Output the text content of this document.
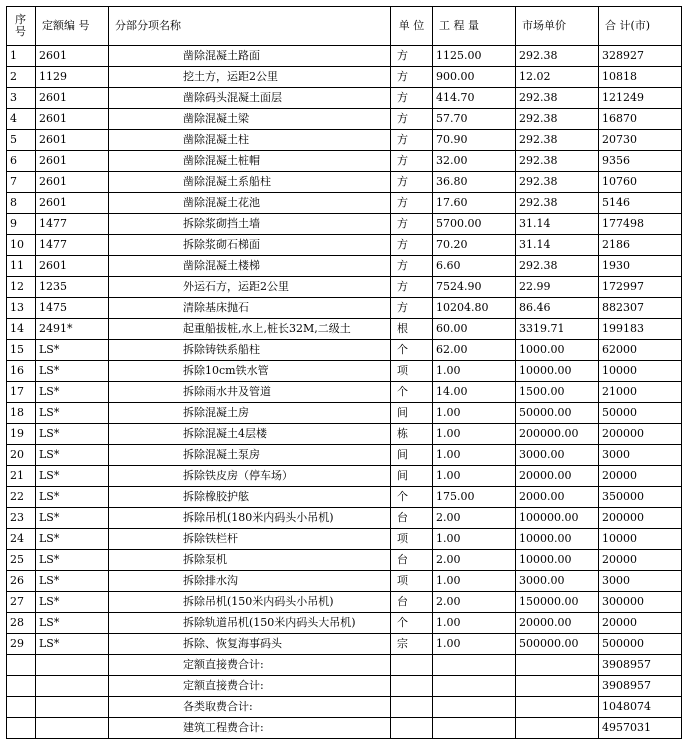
序 号	定额编 号	分部分项名称	单 位	工 程 量	市场单价	合 计(市)
1	2601	凿除混凝土路面	方	1125.00	292.38	328927
2	1129	挖土方，运距2公里	方	900.00	12.02	10818
3	2601	凿除码头混凝土面层	方	414.70	292.38	121249
4	2601	凿除混凝土梁	方	57.70	292.38	16870
5	2601	凿除混凝土柱	方	70.90	292.38	20730
6	2601	凿除混凝土桩帽	方	32.00	292.38	9356
7	2601	凿除混凝土系船柱	方	36.80	292.38	10760
8	2601	凿除混凝土花池	方	17.60	292.38	5146
9	1477	拆除浆砌挡土墙	方	5700.00	31.14	177498
10	1477	拆除浆砌石梯面	方	70.20	31.14	2186
11	2601	凿除混凝土楼梯	方	6.60	292.38	1930
12	1235	外运石方，运距2公里	方	7524.90	22.99	172997
13	1475	清除基床抛石	方	10204.80	86.46	882307
14	2491*	起重船拔桩,水上,桩长32M,二级土	根	60.00	3319.71	199183
15	LS*	拆除铸铁系船柱	个	62.00	1000.00	62000
16	LS*	拆除10cm铁水管	项	1.00	10000.00	10000
17	LS*	拆除雨水井及管道	个	14.00	1500.00	21000
18	LS*	拆除混凝土房	间	1.00	50000.00	50000
19	LS*	拆除混凝土4层楼	栋	1.00	200000.00	200000
20	LS*	拆除混凝土泵房	间	1.00	3000.00	3000
21	LS*	拆除铁皮房（停车场）	间	1.00	20000.00	20000
22	LS*	拆除橡胶护舷	个	175.00	2000.00	350000
23	LS*	拆除吊机(180米内码头小吊机)	台	2.00	100000.00	200000
24	LS*	拆除铁栏杆	项	1.00	10000.00	10000
25	LS*	拆除泵机	台	2.00	10000.00	20000
26	LS*	拆除排水沟	项	1.00	3000.00	3000
27	LS*	拆除吊机(150米内码头小吊机)	台	2.00	150000.00	300000
28	LS*	拆除轨道吊机(150米内码头大吊机)	个	1.00	20000.00	20000
29	LS*	拆除、恢复海事码头	宗	1.00	500000.00	500000
		定额直接费合计:				3908957
		定额直接费合计:				3908957
		各类取费合计:				1048074
		建筑工程费合计:				4957031
